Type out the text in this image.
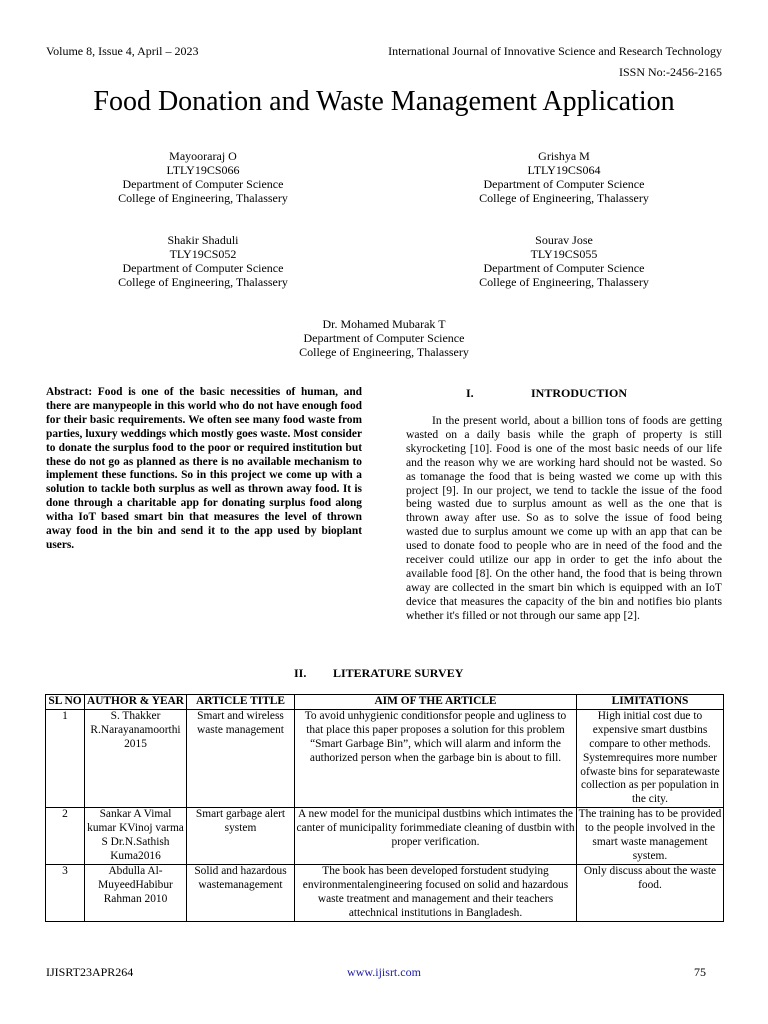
Volume 8, Issue 4, April – 2023	International Journal of Innovative Science and Research Technology
ISSN No:-2456-2165
Food Donation and Waste Management Application
Mayooraraj O
LTLY19CS066
Department of Computer Science
College of Engineering, Thalassery
Grishya M
LTLY19CS064
Department of Computer Science
College of Engineering, Thalassery
Shakir Shaduli
TLY19CS052
Department of Computer Science
College of Engineering, Thalassery
Sourav Jose
TLY19CS055
Department of Computer Science
College of Engineering, Thalassery
Dr. Mohamed Mubarak T
Department of Computer Science
College of Engineering, Thalassery
Abstract: Food is one of the basic necessities of human, and there are manypeople in this world who do not have enough food for their basic requirements. We often see many food waste from parties, luxury weddings which mostly goes waste. Most consider to donate the surplus food to the poor or required institution but these do not go as planned as there is no available mechanism to implement these functions. So in this project we come up with a solution to tackle both surplus as well as thrown away food. It is done through a charitable app for donating surplus food along witha IoT based smart bin that measures the level of thrown away food in the bin and send it to the app used by bioplant users.
I.	INTRODUCTION
In the present world, about a billion tons of foods are getting wasted on a daily basis while the graph of property is still skyrocketing [10]. Food is one of the most basic needs of our life and the reason why we are working hard should not be wasted. So as tomanage the food that is being wasted we come up with this project [9]. In our project, we tend to tackle the issue of the food being wasted due to surplus amount as well as the one that is thrown away after use. So as to solve the issue of food being wasted due to surplus amount we come up with an app that can be used to donate food to people who are in need of the food and the receiver could utilize our app in order to get the info about the available food [8]. On the other hand, the food that is being thrown away are collected in the smart bin which is equipped with an IoT device that measures the capacity of the bin and notifies bio plants whether it's filled or not through our same app [2].
II. LITERATURE SURVEY
SL NO	AUTHOR & YEAR	ARTICLE TITLE	AIM OF THE ARTICLE	LIMITATIONS
1	S. Thakker R.Narayanamoorthi 2015	Smart and wireless waste management	To avoid unhygienic conditionsfor people and ugliness to that place this paper proposes a solution for this problem “Smart Garbage Bin”, which will alarm and inform the authorized person when the garbage bin is about to fill.	High initial cost due to expensive smart dustbins compare to other methods. Systemrequires more number ofwaste bins for separatewaste collection as per population in the city.
2	Sankar A Vimal kumar KVinoj varma S Dr.N.Sathish Kuma2016	Smart garbage alert system	A new model for the municipal dustbins which intimates the canter of municipality forimmediate cleaning of dustbin with proper verification.	The training has to be provided to the people involved in the smart waste management system.
3	Abdulla Al-MuyeedHabibur Rahman 2010	Solid and hazardous wastemanagement	The book has been developed forstudent studying environmentalengineering focused on solid and hazardous waste treatment and management and their teachers attechnical institutions in Bangladesh.	Only discuss about the waste food.
IJISRT23APR264	www.ijisrt.com	75
